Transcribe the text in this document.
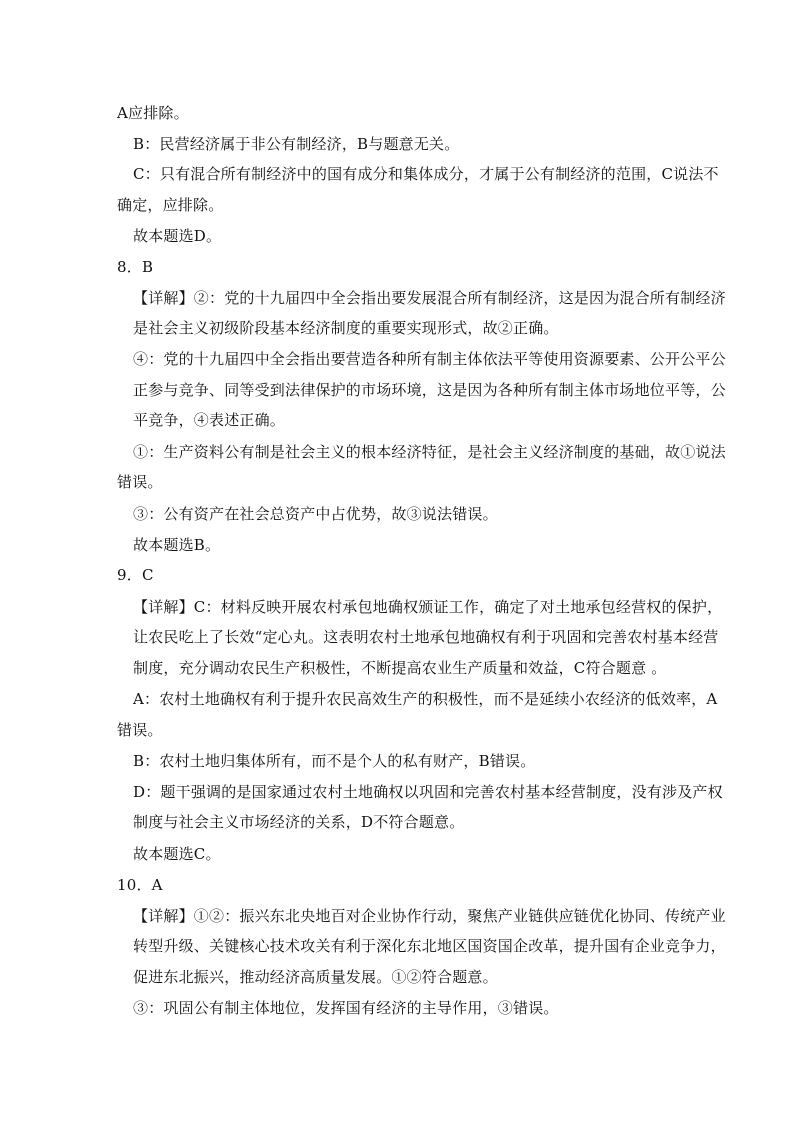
A应排除。
B：民营经济属于非公有制经济，B与题意无关。
C：只有混合所有制经济中的国有成分和集体成分，才属于公有制经济的范围，C说法不
确定，应排除。
故本题选D。
8．B
【详解】②：党的十九届四中全会指出要发展混合所有制经济，这是因为混合所有制经济
是社会主义初级阶段基本经济制度的重要实现形式，故②正确。
④：党的十九届四中全会指出要营造各种所有制主体依法平等使用资源要素、公开公平公
正参与竞争、同等受到法律保护的市场环境，这是因为各种所有制主体市场地位平等，公
平竞争，④表述正确。
①：生产资料公有制是社会主义的根本经济特征，是社会主义经济制度的基础，故①说法
错误。
③：公有资产在社会总资产中占优势，故③说法错误。
故本题选B。
9．C
【详解】C：材料反映开展农村承包地确权颁证工作，确定了对土地承包经营权的保护，
让农民吃上了长效“定心丸。这表明农村土地承包地确权有利于巩固和完善农村基本经营
制度，充分调动农民生产积极性，不断提高农业生产质量和效益，C符合题意 。
A：农村土地确权有利于提升农民高效生产的积极性，而不是延续小农经济的低效率，A
错误。
B：农村土地归集体所有，而不是个人的私有财产，B错误。
D：题干强调的是国家通过农村土地确权以巩固和完善农村基本经营制度，没有涉及产权
制度与社会主义市场经济的关系，D不符合题意。
故本题选C。
10．A
【详解】①②：振兴东北央地百对企业协作行动，聚焦产业链供应链优化协同、传统产业
转型升级、关键核心技术攻关有利于深化东北地区国资国企改革，提升国有企业竞争力，
促进东北振兴，推动经济高质量发展。①②符合题意。
③：巩固公有制主体地位，发挥国有经济的主导作用，③错误。
